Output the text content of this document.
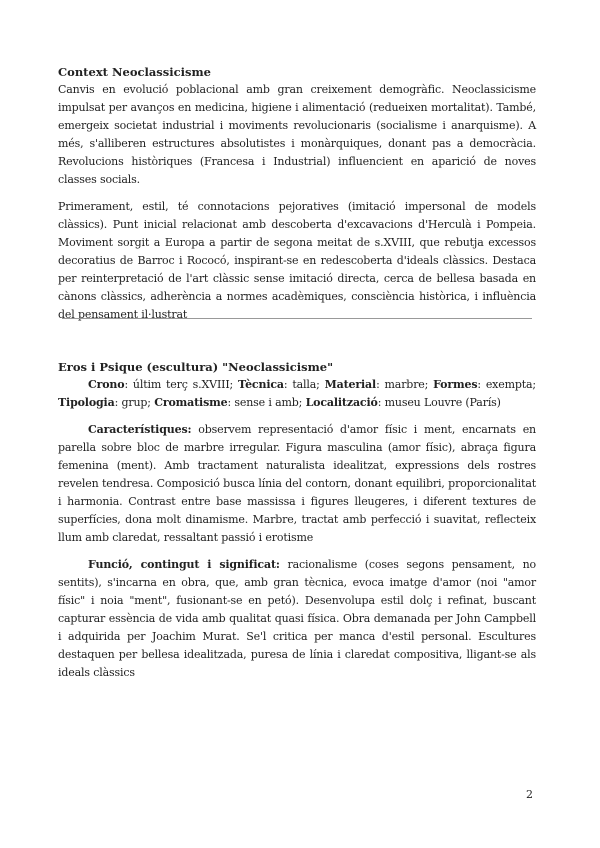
Context Neoclassicisme

Canvis en evolució poblacional amb gran creixement demogràfic. Neoclassicisme impulsat per avanços en medicina, higiene i alimentació (redueixen mortalitat). També, emergeix societat industrial i moviments revolucionaris (socialisme i anarquisme). A més, s'alliberen estructures absolutistes i monàrquiques, donant pas a democràcia. Revolucions històriques (Francesa i Industrial) influencient en aparició de noves classes socials.

Primerament, estil, té connotacions pejoratives (imitació impersonal de models clàssics). Punt inicial relacionat amb descoberta d'excavacions d'Herculà i Pompeia. Moviment sorgit a Europa a partir de segona meitat de s.XVIII, que rebutja excessos decoratius de Barroc i Rococó, inspirant-se en redescoberta d'ideals clàssics. Destaca per reinterpretació de l'art clàssic sense imitació directa, cerca de bellesa basada en cànons clàssics, adherència a normes acadèmiques, consciència històrica, i influència del pensament il·lustrat

Eros i Psique (escultura) "Neoclassicisme"

Crono: últim terç s.XVIII; Tècnica: talla; Material: marbre; Formes: exempta; Tipologia: grup; Cromatisme: sense i amb; Localització: museu Louvre (París)

Característiques: observem representació d'amor físic i ment, encarnats en parella sobre bloc de marbre irregular. Figura masculina (amor físic), abraça figura femenina (ment). Amb tractament naturalista idealitzat, expressions dels rostres revelen tendresa. Composició busca línia del contorn, donant equilibri, proporcionalitat i harmonia. Contrast entre base massissa i figures lleugeres, i diferent textures de superfícies, dona molt dinamisme. Marbre, tractat amb perfecció i suavitat, reflecteix llum amb claredat, ressaltant passió i erotisme

Funció, contingut i significat: racionalisme (coses segons pensament, no sentits), s'incarna en obra, que, amb gran tècnica, evoca imatge d'amor (noi "amor físic" i noia "ment", fusionant-se en petó). Desenvolupa estil dolç i refinat, buscant capturar essència de vida amb qualitat quasi física. Obra demanada per John Campbell i adquirida per Joachim Murat. Se'l critica per manca d'estil personal. Escultures destaquen per bellesa idealitzada, puresa de línia i claredat compositiva, lligant-se als ideals clàssics

2
